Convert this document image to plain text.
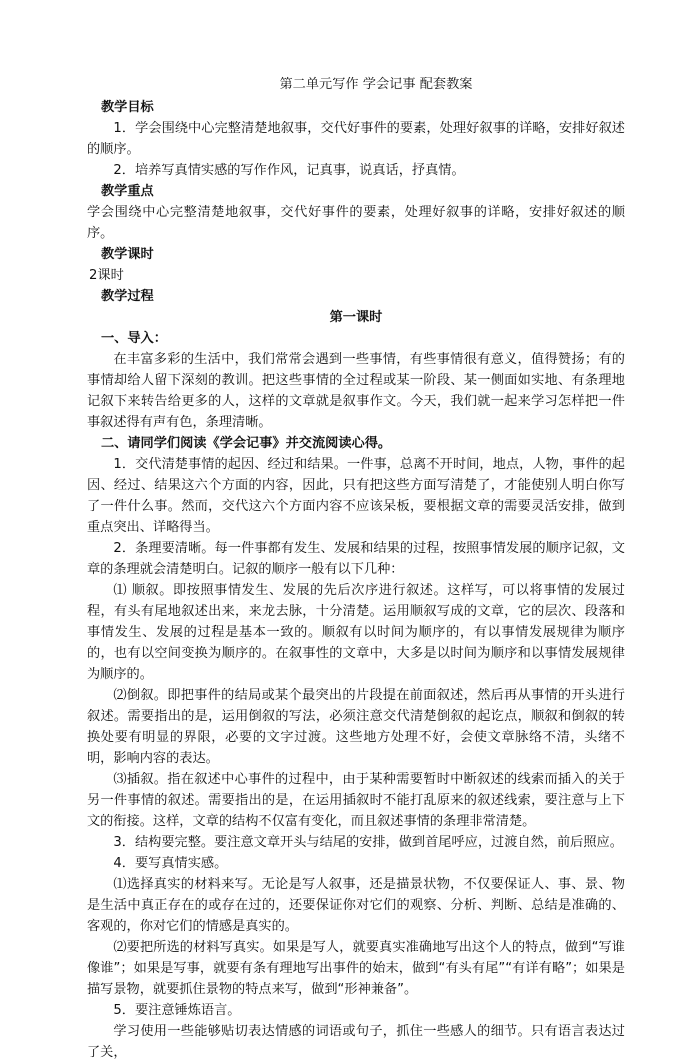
第二单元写作 学会记事 配套教案

教学目标

1．学会围绕中心完整清楚地叙事，交代好事件的要素，处理好叙事的详略，安排好叙述的顺序。

2．培养写真情实感的写作作风，记真事，说真话，抒真情。

教学重点

学会围绕中心完整清楚地叙事，交代好事件的要素，处理好叙事的详略，安排好叙述的顺序。

教学课时

2课时

教学过程
第一课时
一、导入：

在丰富多彩的生活中，我们常常会遇到一些事情，有些事情很有意义，值得赞扬；有的事情却给人留下深刻的教训。把这些事情的全过程或某一阶段、某一侧面如实地、有条理地记叙下来转告给更多的人，这样的文章就是叙事作文。今天，我们就一起来学习怎样把一件事叙述得有声有色，条理清晰。

二、请同学们阅读《学会记事》并交流阅读心得。

1．交代清楚事情的起因、经过和结果。一件事，总离不开时间，地点，人物，事件的起因、经过、结果这六个方面的内容，因此，只有把这些方面写清楚了，才能使别人明白你写了一件什么事。然而，交代这六个方面内容不应该呆板，要根据文章的需要灵活安排，做到重点突出、详略得当。

2．条理要清晰。每一件事都有发生、发展和结果的过程，按照事情发展的顺序记叙，文章的条理就会清楚明白。记叙的顺序一般有以下几种：

⑴ 顺叙。即按照事情发生、发展的先后次序进行叙述。这样写，可以将事情的发展过程，有头有尾地叙述出来，来龙去脉，十分清楚。运用顺叙写成的文章，它的层次、段落和事情发生、发展的过程是基本一致的。顺叙有以时间为顺序的，有以事情发展规律为顺序的，也有以空间变换为顺序的。在叙事性的文章中，大多是以时间为顺序和以事情发展规律为顺序的。

⑵倒叙。即把事件的结局或某个最突出的片段提在前面叙述，然后再从事情的开头进行叙述。需要指出的是，运用倒叙的写法，必须注意交代清楚倒叙的起讫点，顺叙和倒叙的转换处要有明显的界限，必要的文字过渡。这些地方处理不好，会使文章脉络不清，头绪不明，影响内容的表达。

⑶插叙。指在叙述中心事件的过程中，由于某种需要暂时中断叙述的线索而插入的关于另一件事情的叙述。需要指出的是，在运用插叙时不能打乱原来的叙述线索，要注意与上下文的衔接。这样，文章的结构不仅富有变化，而且叙述事情的条理非常清楚。

3．结构要完整。要注意文章开头与结尾的安排，做到首尾呼应，过渡自然，前后照应。

4．要写真情实感。

⑴选择真实的材料来写。无论是写人叙事，还是描景状物，不仅要保证人、事、景、物是生活中真正存在的或存在过的，还要保证你对它们的观察、分析、判断、总结是准确的、客观的，你对它们的情感是真实的。

⑵要把所选的材料写真实。如果是写人，就要真实准确地写出这个人的特点，做到“写谁像谁”；如果是写事，就要有条有理地写出事件的始末，做到“有头有尾”“有详有略”；如果是描写景物，就要抓住景物的特点来写，做到“形神兼备”。

5．要注意锤炼语言。

学习使用一些能够贴切表达情感的词语或句子，抓住一些感人的细节。只有语言表达过了关，
